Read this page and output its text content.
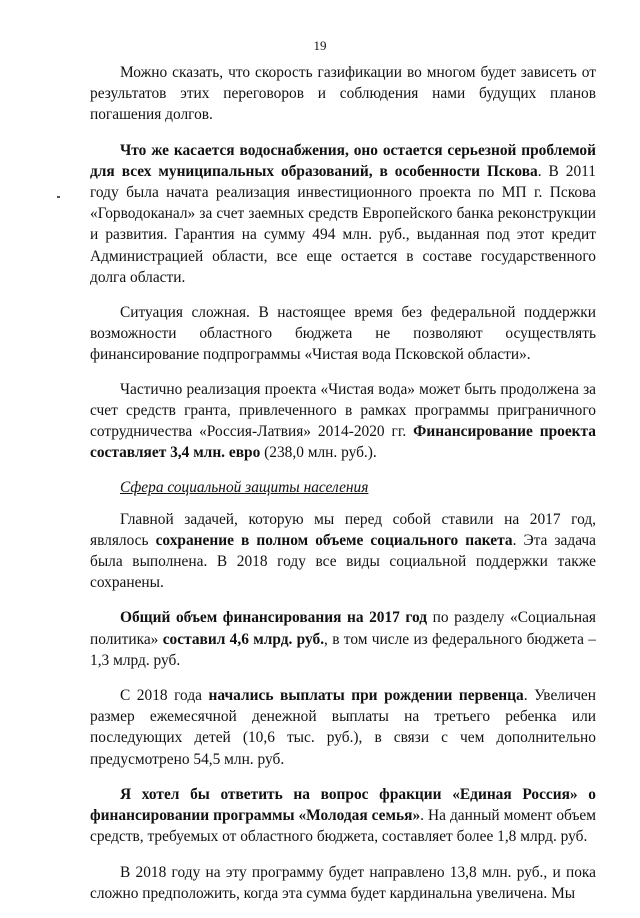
19

Можно сказать, что скорость газификации во многом будет зависеть от результатов этих переговоров и соблюдения нами будущих планов погашения долгов.

Что же касается водоснабжения, оно остается серьезной проблемой для всех муниципальных образований, в особенности Пскова. В 2011 году была начата реализация инвестиционного проекта по МП г. Пскова «Горводоканал» за счет заемных средств Европейского банка реконструкции и развития. Гарантия на сумму 494 млн. руб., выданная под этот кредит Администрацией области, все еще остается в составе государственного долга области.

Ситуация сложная. В настоящее время без федеральной поддержки возможности областного бюджета не позволяют осуществлять финансирование подпрограммы «Чистая вода Псковской области».

Частично реализация проекта «Чистая вода» может быть продолжена за счет средств гранта, привлеченного в рамках программы приграничного сотрудничества «Россия-Латвия» 2014-2020 гг. Финансирование проекта составляет 3,4 млн. евро (238,0 млн. руб.).

Сфера социальной защиты населения

Главной задачей, которую мы перед собой ставили на 2017 год, являлось сохранение в полном объеме социального пакета. Эта задача была выполнена. В 2018 году все виды социальной поддержки также сохранены.

Общий объем финансирования на 2017 год по разделу «Социальная политика» составил 4,6 млрд. руб., в том числе из федерального бюджета – 1,3 млрд. руб.

С 2018 года начались выплаты при рождении первенца. Увеличен размер ежемесячной денежной выплаты на третьего ребенка или последующих детей (10,6 тыс. руб.), в связи с чем дополнительно предусмотрено 54,5 млн. руб.

Я хотел бы ответить на вопрос фракции «Единая Россия» о финансировании программы «Молодая семья». На данный момент объем средств, требуемых от областного бюджета, составляет более 1,8 млрд. руб.

В 2018 году на эту программу будет направлено 13,8 млн. руб., и пока сложно предположить, когда эта сумма будет кардинальна увеличена. Мы
